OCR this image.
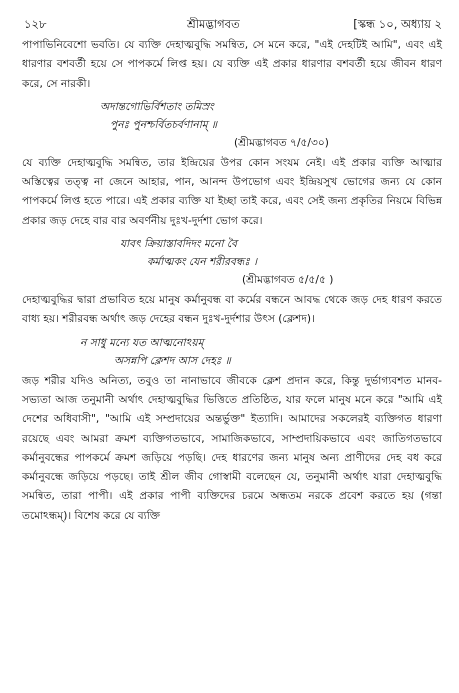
১২৮	শ্রীমদ্ভাগবত	[স্কন্ধ ১০, অধ্যায় ২

পাপাভিনিবেশো ভবতি। যে ব্যক্তি দেহাত্মবুদ্ধি সমন্বিত, সে মনে করে, "এই দেহটিই আমি", এবং এই ধারণার বশবর্তী হয়ে সে পাপকর্মে লিপ্ত হয়। যে ব্যক্তি এই প্রকার ধারণার বশবর্তী হয়ে জীবন ধারণ করে, সে নারকী।

অদান্তগোভির্বিশতাং তমিস্রং
পুনঃ পুনশ্চর্বিতচর্বণানাম্ ॥
(শ্রীমদ্ভাগবত ৭/৫/৩০)

যে ব্যক্তি দেহাত্মবুদ্ধি সমন্বিত, তার ইন্দ্রিয়ের উপর কোন সংযম নেই। এই প্রকার ব্যক্তি আত্মার অস্তিত্বের তত্ত্ব না জেনে আহার, পান, আনন্দ উপভোগ এবং ইন্দ্রিয়সুখ ভোগের জন্য যে কোন পাপকর্মে লিপ্ত হতে পারে। এই প্রকার ব্যক্তি যা ইচ্ছা তাই করে, এবং সেই জন্য প্রকৃতির নিয়মে বিভিন্ন প্রকার জড় দেহে বার বার অবর্ণনীয় দুঃখ-দুর্দশা ভোগ করে।

যাবৎ ক্রিয়াস্তাবদিদং মনো বৈ
কর্মাত্মকং যেন শরীরবন্ধঃ ।
(শ্রীমদ্ভাগবত ৫/৫/৫ )

দেহাত্মবুদ্ধির দ্বারা প্রভাবিত হয়ে মানুষ কর্মানুবন্ধ বা কর্মের বন্ধনে আবদ্ধ থেকে জড় দেহ ধারণ করতে বাধ্য হয়। শরীরবন্ধ অর্থাৎ জড় দেহের বন্ধন দুঃখ-দুর্দশার উৎস (ক্লেশদ)।

ন সাধু মন্যে যত আত্মনোঽয়ম্
অসন্নপি ক্লেশদ আস দেহঃ ॥

জড় শরীর যদিও অনিত্য, তবুও তা নানাভাবে জীবকে ক্লেশ প্রদান করে, কিন্তু দুর্ভাগ্যবশত মানব-সভ্যতা আজ তনুমানী অর্থাৎ দেহাত্মবুদ্ধির ভিত্তিতে প্রতিষ্ঠিত, যার ফলে মানুষ মনে করে "আমি এই দেশের অধিবাসী", "আমি এই সম্প্রদায়ের অন্তর্ভুক্ত" ইত্যাদি। আমাদের সকলেরই ব্যক্তিগত ধারণা রয়েছে এবং আমরা ক্রমশ ব্যক্তিগতভাবে, সামাজিকভাবে, সাম্প্রদায়িকভাবে এবং জাতিগতভাবে কর্মানুবন্ধের পাপকর্মে ক্রমশ জড়িয়ে পড়ছি। দেহ ধারণের জন্য মানুষ অন্য প্রাণীদের দেহ বধ করে কর্মানুবন্ধে জড়িয়ে পড়ছে। তাই শ্রীল জীব গোস্বামী বলেছেন যে, তনুমানী অর্থাৎ যারা দেহাত্মবুদ্ধি সমন্বিত, তারা পাপী। এই প্রকার পাপী ব্যক্তিদের চরমে অন্ধতম নরকে প্রবেশ করতে হয় (গন্তা তমোঽন্ধম্)। বিশেষ করে যে ব্যক্তি
